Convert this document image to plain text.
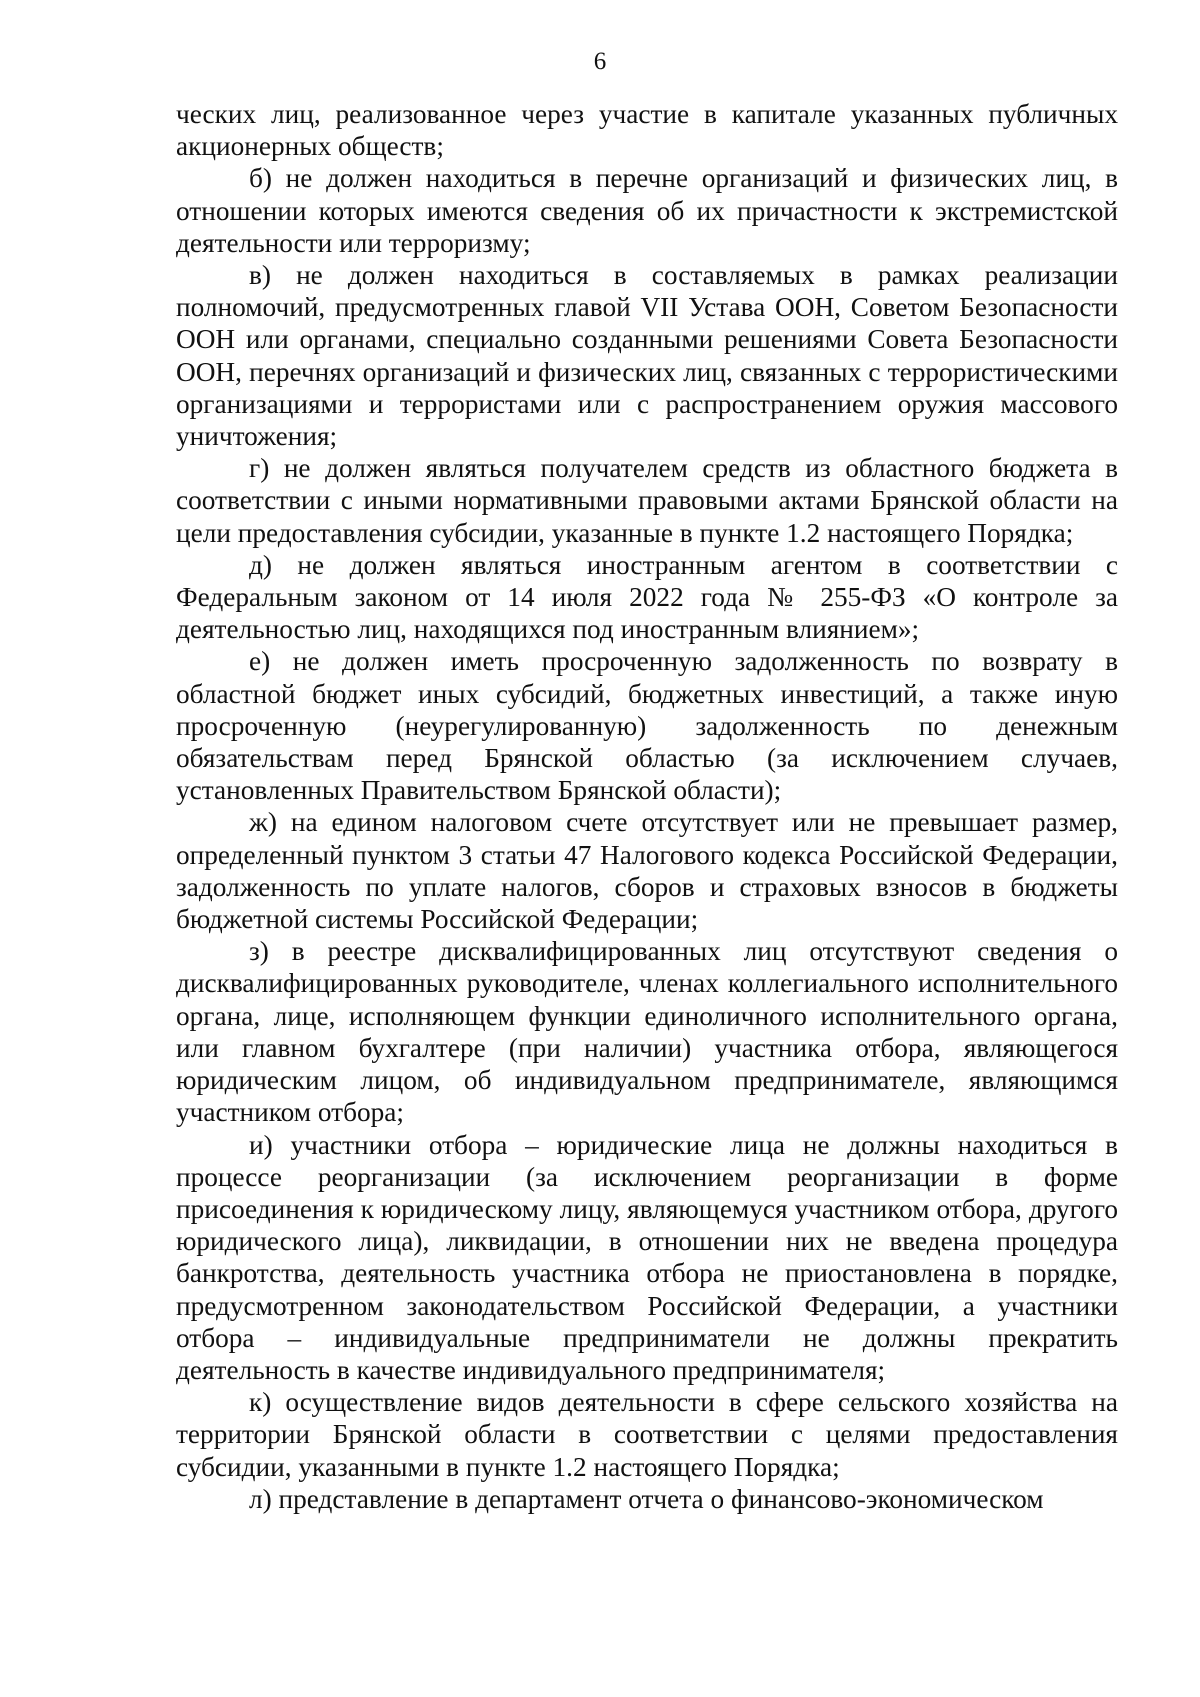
6

ческих лиц, реализованное через участие в капитале указанных публичных акционерных обществ;

б) не должен находиться в перечне организаций и физических лиц, в отношении которых имеются сведения об их причастности к экстремистской деятельности или терроризму;

в) не должен находиться в составляемых в рамках реализации полномочий, предусмотренных главой VII Устава ООН, Советом Безопасности ООН или органами, специально созданными решениями Совета Безопасности ООН, перечнях организаций и физических лиц, связанных с террористическими организациями и террористами или с распространением оружия массового уничтожения;

г) не должен являться получателем средств из областного бюджета в соответствии с иными нормативными правовыми актами Брянской области на цели предоставления субсидии, указанные в пункте 1.2 настоящего Порядка;

д) не должен являться иностранным агентом в соответствии с Федеральным законом от 14 июля 2022 года № 255-ФЗ «О контроле за деятельностью лиц, находящихся под иностранным влиянием»;

е) не должен иметь просроченную задолженность по возврату в областной бюджет иных субсидий, бюджетных инвестиций, а также иную просроченную (неурегулированную) задолженность по денежным обязательствам перед Брянской областью (за исключением случаев, установленных Правительством Брянской области);

ж) на едином налоговом счете отсутствует или не превышает размер, определенный пунктом 3 статьи 47 Налогового кодекса Российской Федерации, задолженность по уплате налогов, сборов и страховых взносов в бюджеты бюджетной системы Российской Федерации;

з) в реестре дисквалифицированных лиц отсутствуют сведения о дисквалифицированных руководителе, членах коллегиального исполнительного органа, лице, исполняющем функции единоличного исполнительного органа, или главном бухгалтере (при наличии) участника отбора, являющегося юридическим лицом, об индивидуальном предпринимателе, являющимся участником отбора;

и) участники отбора – юридические лица не должны находиться в процессе реорганизации (за исключением реорганизации в форме присоединения к юридическому лицу, являющемуся участником отбора, другого юридического лица), ликвидации, в отношении них не введена процедура банкротства, деятельность участника отбора не приостановлена в порядке, предусмотренном законодательством Российской Федерации, а участники отбора – индивидуальные предприниматели не должны прекратить деятельность в качестве индивидуального предпринимателя;

к) осуществление видов деятельности в сфере сельского хозяйства на территории Брянской области в соответствии с целями предоставления субсидии, указанными в пункте 1.2 настоящего Порядка;

л) представление в департамент отчета о финансово-экономическом
